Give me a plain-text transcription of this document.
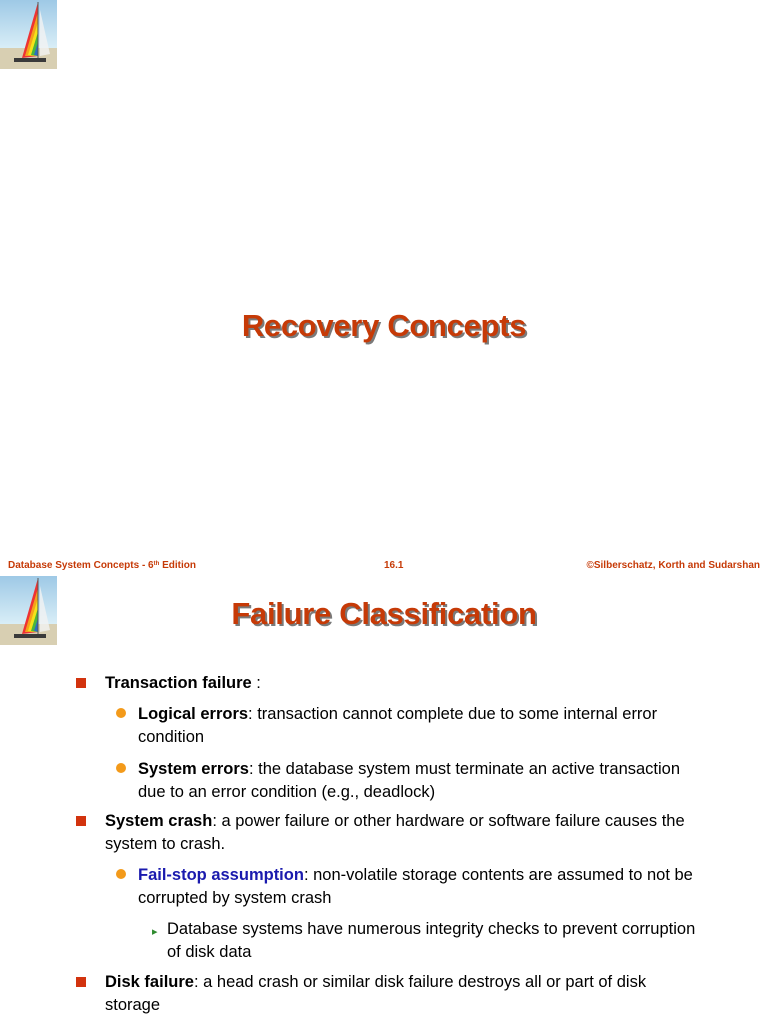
Recovery Concepts
Database System Concepts - 6th Edition	16.1	©Silberschatz, Korth and Sudarshan
Failure Classification
Transaction failure :
Logical errors: transaction cannot complete due to some internal error condition
System errors: the database system must terminate an active transaction due to an error condition (e.g., deadlock)
System crash: a power failure or other hardware or software failure causes the system to crash.
Fail-stop assumption: non-volatile storage contents are assumed to not be corrupted by system crash
▸ Database systems have numerous integrity checks to prevent corruption of disk data
Disk failure: a head crash or similar disk failure destroys all or part of disk storage
